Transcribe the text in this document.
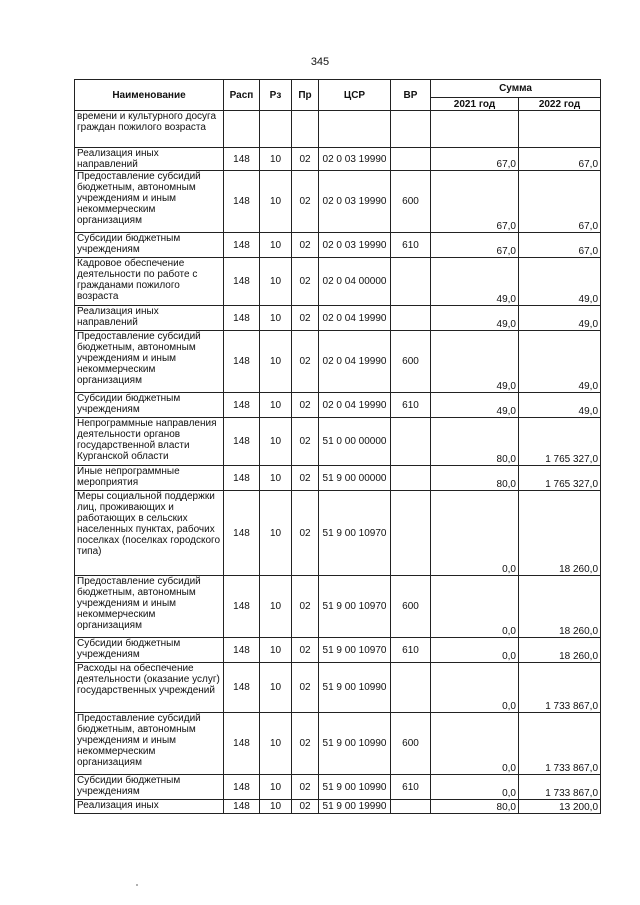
345
Наименование	Расп	Рз	Пр	ЦСР	ВР	Сумма	
						2021 год	2022 год
времени и культурного досуга граждан пожилого возраста							
Реализация иных направлений	148	10	02	02 0 03 19990		67,0	67,0
Предоставление субсидий бюджетным, автономным учреждениям и иным некоммерческим организациям	148	10	02	02 0 03 19990	600	67,0	67,0
Субсидии бюджетным учреждениям	148	10	02	02 0 03 19990	610	67,0	67,0
Кадровое обеспечение деятельности по работе с гражданами пожилого возраста	148	10	02	02 0 04 00000		49,0	49,0
Реализация иных направлений	148	10	02	02 0 04 19990		49,0	49,0
Предоставление субсидий бюджетным, автономным учреждениям и иным некоммерческим организациям	148	10	02	02 0 04 19990	600	49,0	49,0
Субсидии бюджетным учреждениям	148	10	02	02 0 04 19990	610	49,0	49,0
Непрограммные направления деятельности органов государственной власти Курганской области	148	10	02	51 0 00 00000		80,0	1 765 327,0
Иные непрограммные мероприятия	148	10	02	51 9 00 00000		80,0	1 765 327,0
Меры социальной поддержки лиц, проживающих и работающих в сельских населенных пунктах, рабочих поселках (поселках городского типа)	148	10	02	51 9 00 10970		0,0	18 260,0
Предоставление субсидий бюджетным, автономным учреждениям и иным некоммерческим организациям	148	10	02	51 9 00 10970	600	0,0	18 260,0
Субсидии бюджетным учреждениям	148	10	02	51 9 00 10970	610	0,0	18 260,0
Расходы на обеспечение деятельности (оказание услуг) государственных учреждений	148	10	02	51 9 00 10990		0,0	1 733 867,0
Предоставление субсидий бюджетным, автономным учреждениям и иным некоммерческим организациям	148	10	02	51 9 00 10990	600	0,0	1 733 867,0
Субсидии бюджетным учреждениям	148	10	02	51 9 00 10990	610	0,0	1 733 867,0
Реализация иных	148	10	02	51 9 00 19990		80,0	13 200,0
